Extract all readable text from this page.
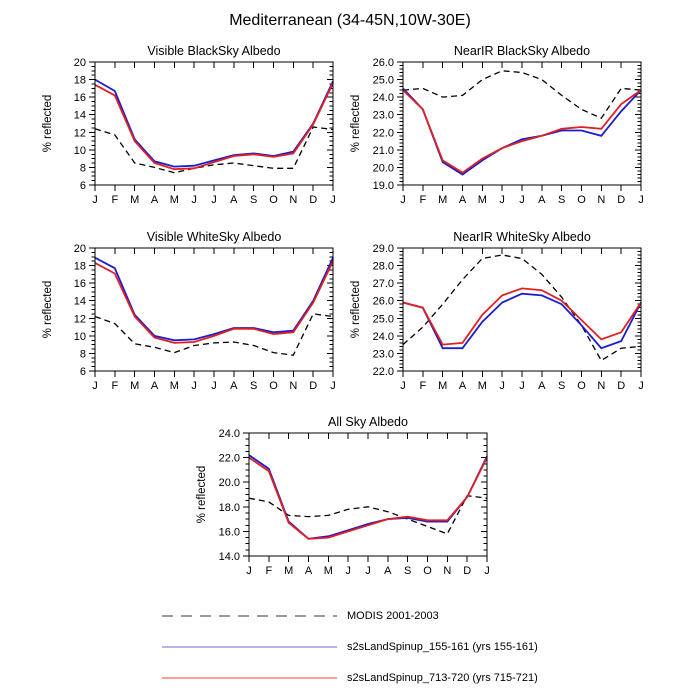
Mediterranean (34-45N,10W-30E)
Visible BlackSky Albedo
% reflected
6
8
10
12
14
16
18
20
J F M A M J J A S O N D J
NearIR BlackSky Albedo
% reflected
19.0
20.0
21.0
22.0
23.0
24.0
25.0
26.0
J F M A M J J A S O N D J
Visible WhiteSky Albedo
% reflected
6
8
10
12
14
16
18
20
J F M A M J J A S O N D J
NearIR WhiteSky Albedo
% reflected
22.0
23.0
24.0
25.0
26.0
27.0
28.0
29.0
J F M A M J J A S O N D J
All Sky Albedo
% reflected
14.0
16.0
18.0
20.0
22.0
24.0
J F M A M J J A S O N D J
MODIS 2001-2003
s2sLandSpinup_155-161 (yrs 155-161)
s2sLandSpinup_713-720 (yrs 715-721)
